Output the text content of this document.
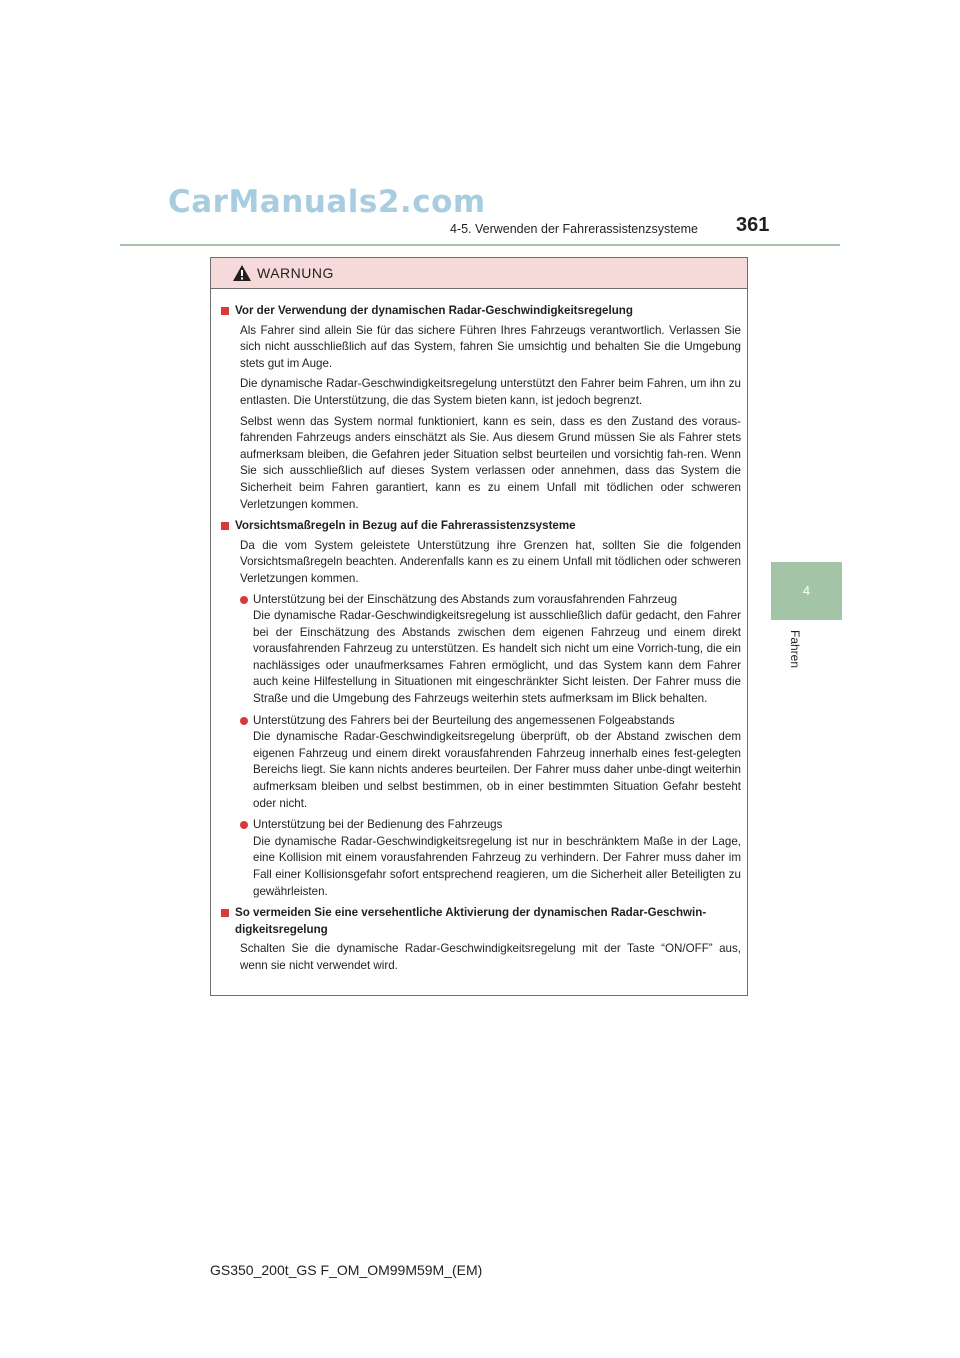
CarManuals2.com
4-5. Verwenden der Fahrerassistenzsysteme 361
4
Fahren
WARNUNG
Vor der Verwendung der dynamischen Radar-Geschwindigkeitsregelung
Als Fahrer sind allein Sie für das sichere Führen Ihres Fahrzeugs verantwortlich. Verlassen Sie sich nicht ausschließlich auf das System, fahren Sie umsichtig und behalten Sie die Umgebung stets gut im Auge.
Die dynamische Radar-Geschwindigkeitsregelung unterstützt den Fahrer beim Fahren, um ihn zu entlasten. Die Unterstützung, die das System bieten kann, ist jedoch begrenzt.
Selbst wenn das System normal funktioniert, kann es sein, dass es den Zustand des voraus-fahrenden Fahrzeugs anders einschätzt als Sie. Aus diesem Grund müssen Sie als Fahrer stets aufmerksam bleiben, die Gefahren jeder Situation selbst beurteilen und vorsichtig fah-ren. Wenn Sie sich ausschließlich auf dieses System verlassen oder annehmen, dass das System die Sicherheit beim Fahren garantiert, kann es zu einem Unfall mit tödlichen oder schweren Verletzungen kommen.
Vorsichtsmaßregeln in Bezug auf die Fahrerassistenzsysteme
Da die vom System geleistete Unterstützung ihre Grenzen hat, sollten Sie die folgenden Vorsichtsmaßregeln beachten. Anderenfalls kann es zu einem Unfall mit tödlichen oder schweren Verletzungen kommen.
Unterstützung bei der Einschätzung des Abstands zum vorausfahrenden Fahrzeug
Die dynamische Radar-Geschwindigkeitsregelung ist ausschließlich dafür gedacht, den Fahrer bei der Einschätzung des Abstands zwischen dem eigenen Fahrzeug und einem direkt vorausfahrenden Fahrzeug zu unterstützen. Es handelt sich nicht um eine Vorrich-tung, die ein nachlässiges oder unaufmerksames Fahren ermöglicht, und das System kann dem Fahrer auch keine Hilfestellung in Situationen mit eingeschränkter Sicht leisten. Der Fahrer muss die Straße und die Umgebung des Fahrzeugs weiterhin stets aufmerksam im Blick behalten.
Unterstützung des Fahrers bei der Beurteilung des angemessenen Folgeabstands
Die dynamische Radar-Geschwindigkeitsregelung überprüft, ob der Abstand zwischen dem eigenen Fahrzeug und einem direkt vorausfahrenden Fahrzeug innerhalb eines fest-gelegten Bereichs liegt. Sie kann nichts anderes beurteilen. Der Fahrer muss daher unbe-dingt weiterhin aufmerksam bleiben und selbst bestimmen, ob in einer bestimmten Situation Gefahr besteht oder nicht.
Unterstützung bei der Bedienung des Fahrzeugs
Die dynamische Radar-Geschwindigkeitsregelung ist nur in beschränktem Maße in der Lage, eine Kollision mit einem vorausfahrenden Fahrzeug zu verhindern. Der Fahrer muss daher im Fall einer Kollisionsgefahr sofort entsprechend reagieren, um die Sicherheit aller Beteiligten zu gewährleisten.
So vermeiden Sie eine versehentliche Aktivierung der dynamischen Radar-Geschwin-digkeitsregelung
Schalten Sie die dynamische Radar-Geschwindigkeitsregelung mit der Taste “ON/OFF” aus, wenn sie nicht verwendet wird.
GS350_200t_GS F_OM_OM99M59M_(EM)
